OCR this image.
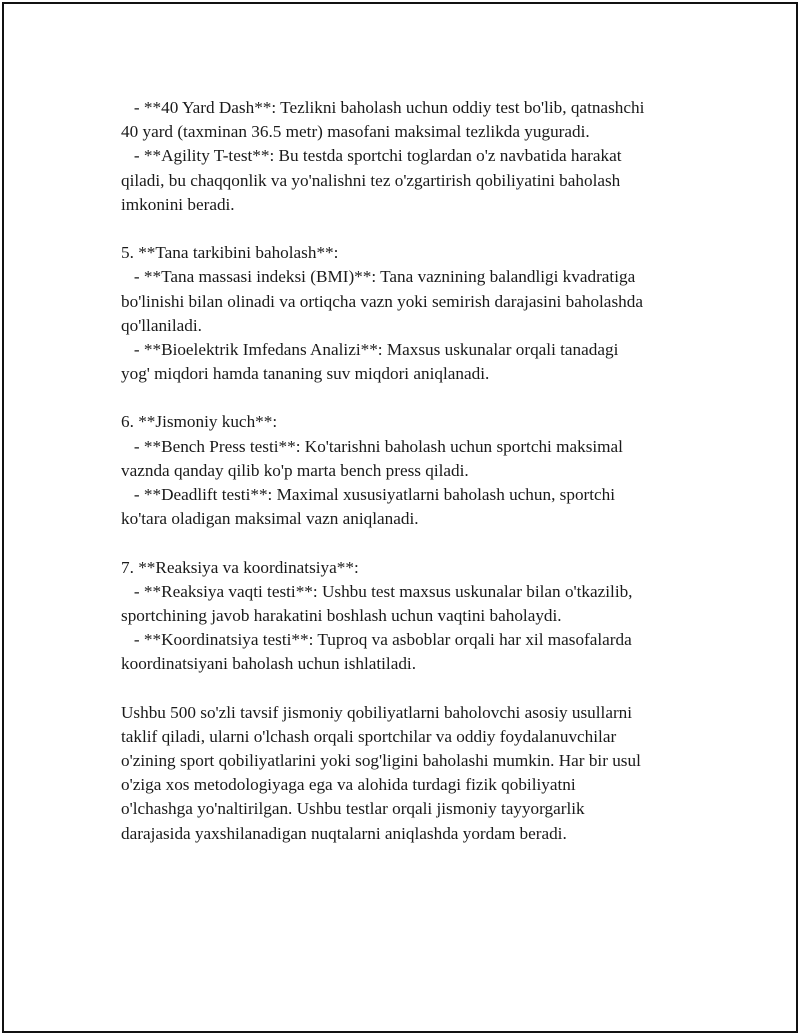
- **40 Yard Dash**: Tezlikni baholash uchun oddiy test bo'lib, qatnashchi
40 yard (taxminan 36.5 metr) masofani maksimal tezlikda yuguradi.
- **Agility T-test**: Bu testda sportchi toglardan o'z navbatida harakat
qiladi, bu chaqqonlik va yo'nalishni tez o'zgartirish qobiliyatini baholash
imkonini beradi.
5. **Tana tarkibini baholash**:
- **Tana massasi indeksi (BMI)**: Tana vaznining balandligi kvadratiga
bo'linishi bilan olinadi va ortiqcha vazn yoki semirish darajasini baholashda
qo'llaniladi.
- **Bioelektrik Imfedans Analizi**: Maxsus uskunalar orqali tanadagi
yog' miqdori hamda tananing suv miqdori aniqlanadi.
6. **Jismoniy kuch**:
- **Bench Press testi**: Ko'tarishni baholash uchun sportchi maksimal
vaznda qanday qilib ko'p marta bench press qiladi.
- **Deadlift testi**: Maximal xususiyatlarni baholash uchun, sportchi
ko'tara oladigan maksimal vazn aniqlanadi.
7. **Reaksiya va koordinatsiya**:
- **Reaksiya vaqti testi**: Ushbu test maxsus uskunalar bilan o'tkazilib,
sportchining javob harakatini boshlash uchun vaqtini baholaydi.
- **Koordinatsiya testi**: Tuproq va asboblar orqali har xil masofalarda
koordinatsiyani baholash uchun ishlatiladi.
Ushbu 500 so'zli tavsif jismoniy qobiliyatlarni baholovchi asosiy usullarni
taklif qiladi, ularni o'lchash orqali sportchilar va oddiy foydalanuvchilar
o'zining sport qobiliyatlarini yoki sog'ligini baholashi mumkin. Har bir usul
o'ziga xos metodologiyaga ega va alohida turdagi fizik qobiliyatni
o'lchashga yo'naltirilgan. Ushbu testlar orqali jismoniy tayyorgarlik
darajasida yaxshilanadigan nuqtalarni aniqlashda yordam beradi.
